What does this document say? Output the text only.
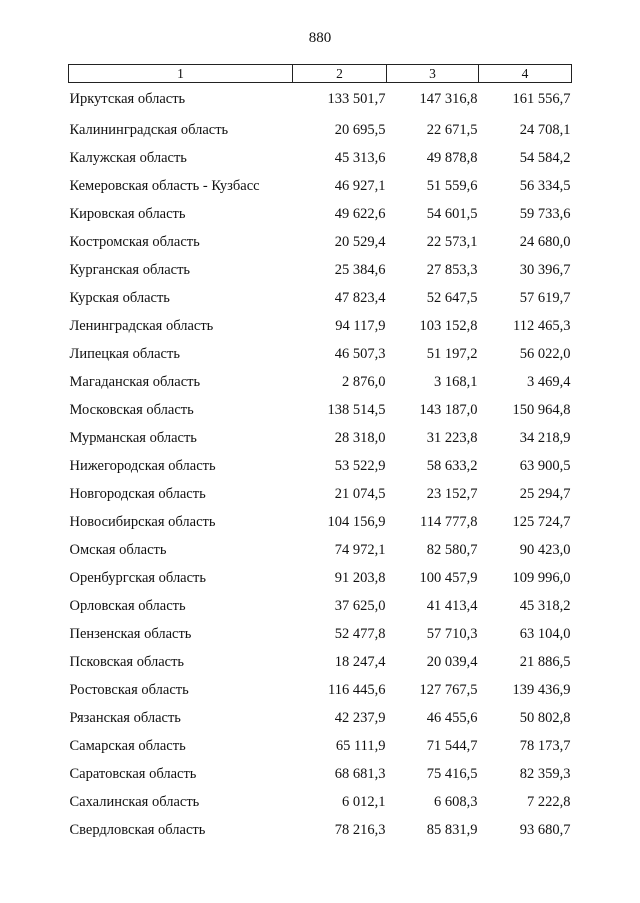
880
1	2	3	4
Иркутская область	133 501,7	147 316,8	161 556,7
Калининградская область	20 695,5	22 671,5	24 708,1
Калужская область	45 313,6	49 878,8	54 584,2
Кемеровская область - Кузбасс	46 927,1	51 559,6	56 334,5
Кировская область	49 622,6	54 601,5	59 733,6
Костромская область	20 529,4	22 573,1	24 680,0
Курганская область	25 384,6	27 853,3	30 396,7
Курская область	47 823,4	52 647,5	57 619,7
Ленинградская область	94 117,9	103 152,8	112 465,3
Липецкая область	46 507,3	51 197,2	56 022,0
Магаданская область	2 876,0	3 168,1	3 469,4
Московская область	138 514,5	143 187,0	150 964,8
Мурманская область	28 318,0	31 223,8	34 218,9
Нижегородская область	53 522,9	58 633,2	63 900,5
Новгородская область	21 074,5	23 152,7	25 294,7
Новосибирская область	104 156,9	114 777,8	125 724,7
Омская область	74 972,1	82 580,7	90 423,0
Оренбургская область	91 203,8	100 457,9	109 996,0
Орловская область	37 625,0	41 413,4	45 318,2
Пензенская область	52 477,8	57 710,3	63 104,0
Псковская область	18 247,4	20 039,4	21 886,5
Ростовская область	116 445,6	127 767,5	139 436,9
Рязанская область	42 237,9	46 455,6	50 802,8
Самарская область	65 111,9	71 544,7	78 173,7
Саратовская область	68 681,3	75 416,5	82 359,3
Сахалинская область	6 012,1	6 608,3	7 222,8
Свердловская область	78 216,3	85 831,9	93 680,7
